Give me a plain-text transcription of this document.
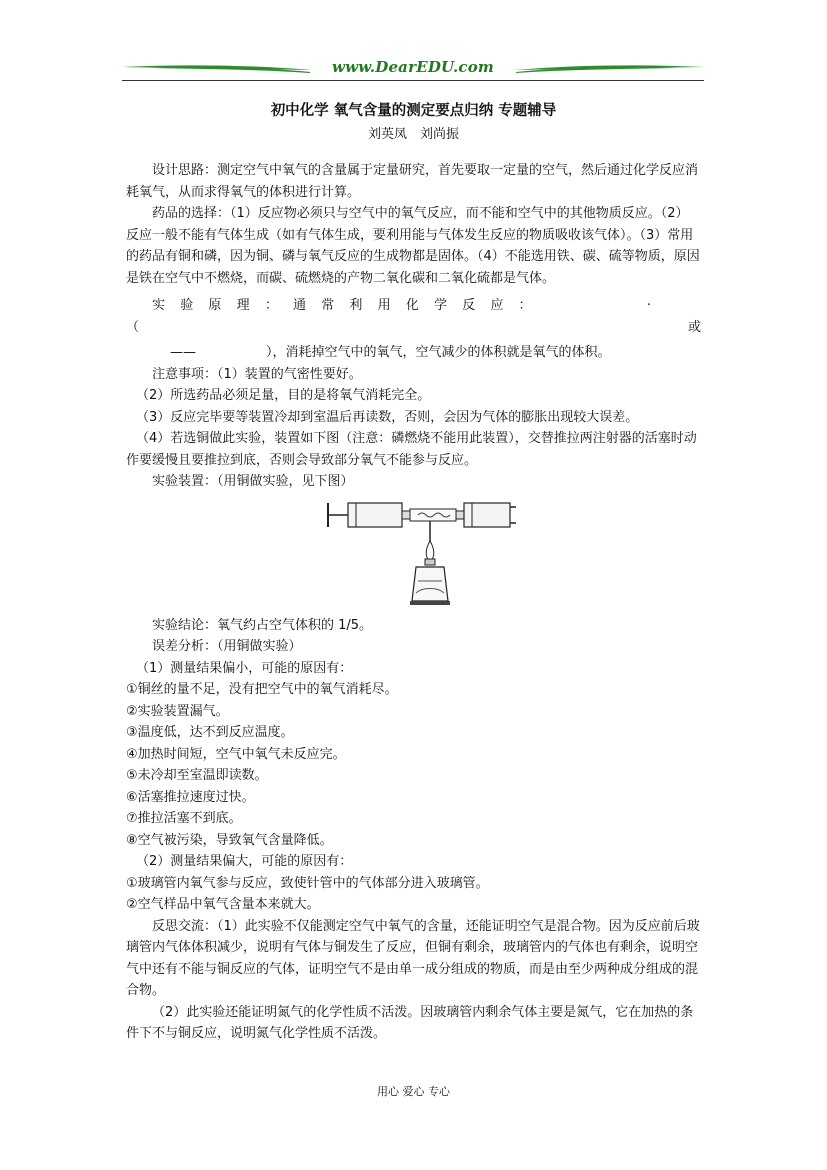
www.DearEDU.com
初中化学 氧气含量的测定要点归纳 专题辅导

刘英凤　刘尚振

设计思路：测定空气中氧气的含量属于定量研究，首先要取一定量的空气，然后通过化学反应消耗氧气，从而求得氧气的体积进行计算。

药品的选择：（1）反应物必须只与空气中的氧气反应，而不能和空气中的其他物质反应。（2）反应一般不能有气体生成（如有气体生成，要利用能与气体发生反应的物质吸收该气体）。（3）常用的药品有铜和磷，因为铜、磷与氧气反应的生成物都是固体。（4）不能选用铁、碳、硫等物质，原因是铁在空气中不燃烧，而碳、硫燃烧的产物二氧化碳和二氧化硫都是气体。

实验原理：通常利用化学反应：	·（或

——	），消耗掉空气中的氧气，空气减少的体积就是氧气的体积。

注意事项：（1）装置的气密性要好。

（2）所选药品必须足量，目的是将氧气消耗完全。

（3）反应完毕要等装置冷却到室温后再读数，否则，会因为气体的膨胀出现较大误差。

（4）若选铜做此实验，装置如下图（注意：磷燃烧不能用此装置），交替推拉两注射器的活塞时动作要缓慢且要推拉到底，否则会导致部分氧气不能参与反应。

实验装置：（用铜做实验，见下图）

实验结论：氧气约占空气体积的 1/5。

误差分析：（用铜做实验）

（1）测量结果偏小，可能的原因有：

①铜丝的量不足，没有把空气中的氧气消耗尽。

②实验装置漏气。

③温度低，达不到反应温度。

④加热时间短，空气中氧气未反应完。

⑤未冷却至室温即读数。

⑥活塞推拉速度过快。

⑦推拉活塞不到底。

⑧空气被污染，导致氧气含量降低。

（2）测量结果偏大，可能的原因有：

①玻璃管内氧气参与反应，致使针管中的气体部分进入玻璃管。

②空气样品中氧气含量本来就大。

反思交流：（1）此实验不仅能测定空气中氧气的含量，还能证明空气是混合物。因为反应前后玻璃管内气体体积减少，说明有气体与铜发生了反应，但铜有剩余，玻璃管内的气体也有剩余，说明空气中还有不能与铜反应的气体，证明空气不是由单一成分组成的物质，而是由至少两种成分组成的混合物。

（2）此实验还能证明氮气的化学性质不活泼。因玻璃管内剩余气体主要是氮气，它在加热的条件下不与铜反应，说明氮气化学性质不活泼。

用心 爱心 专心
